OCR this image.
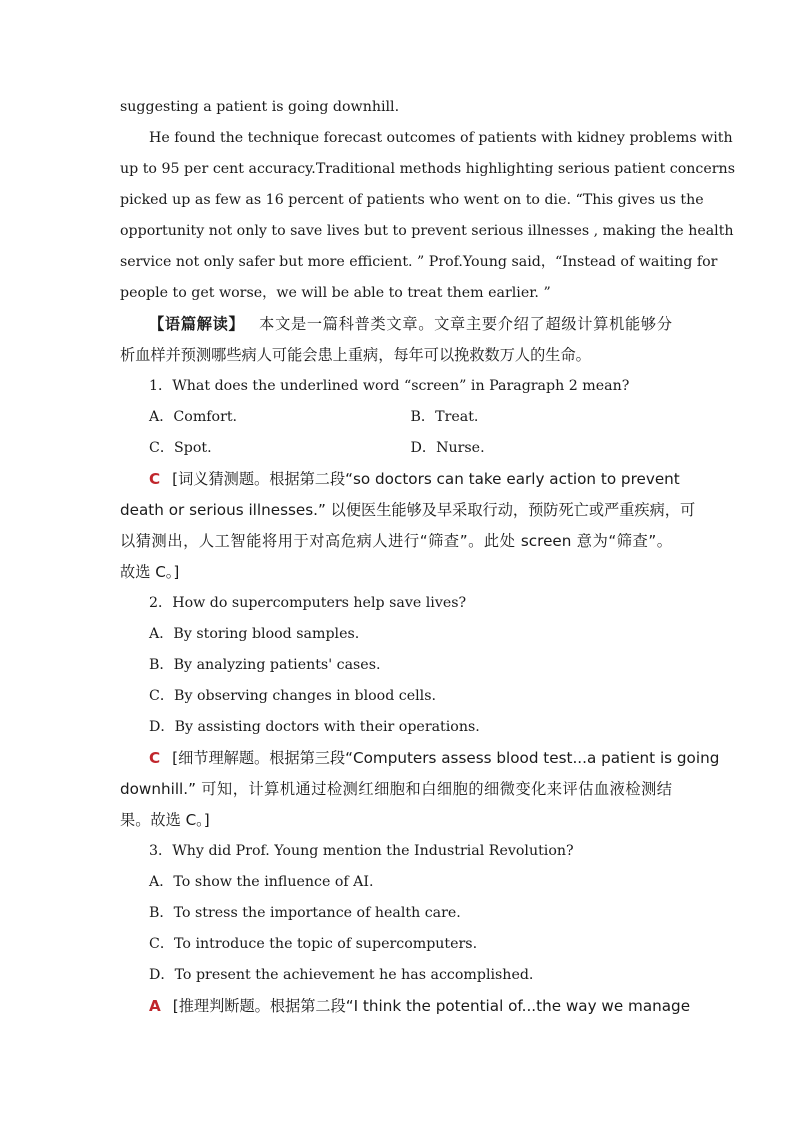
suggesting a patient is going downhill.
He found the technique forecast outcomes of patients with kidney problems with
up to 95 per cent accuracy.Traditional methods highlighting serious patient concerns
picked up as few as 16 percent of patients who went on to die. “This gives us the
opportunity not only to save lives but to prevent serious illnesses , making the health
service not only safer but more efficient. ” Prof.Young said，“Instead of waiting for
people to get worse，we will be able to treat them earlier. ”
【语篇解读】 本文是一篇科普类文章。文章主要介绍了超级计算机能够分
析血样并预测哪些病人可能会患上重病，每年可以挽救数万人的生命。
1．What does the underlined word “screen” in Paragraph 2 mean?
A．Comfort.	B．Treat.
C．Spot.	D．Nurse.
C [词义猜测题。根据第二段“so doctors can take early action to prevent
death or serious illnesses.” 以便医生能够及早采取行动，预防死亡或严重疾病，可
以猜测出，人工智能将用于对高危病人进行“筛查”。此处 screen 意为“筛查”。
故选 C。]
2．How do supercomputers help save lives?
A．By storing blood samples.
B．By analyzing patients' cases.
C．By observing changes in blood cells.
D．By assisting doctors with their operations.
C [细节理解题。根据第三段“Computers assess blood test...a patient is going
downhill.” 可知，计算机通过检测红细胞和白细胞的细微变化来评估血液检测结
果。故选 C。]
3．Why did Prof. Young mention the Industrial Revolution?
A．To show the influence of AI.
B．To stress the importance of health care.
C．To introduce the topic of supercomputers.
D．To present the achievement he has accomplished.
A [推理判断题。根据第二段“I think the potential of...the way we manage
